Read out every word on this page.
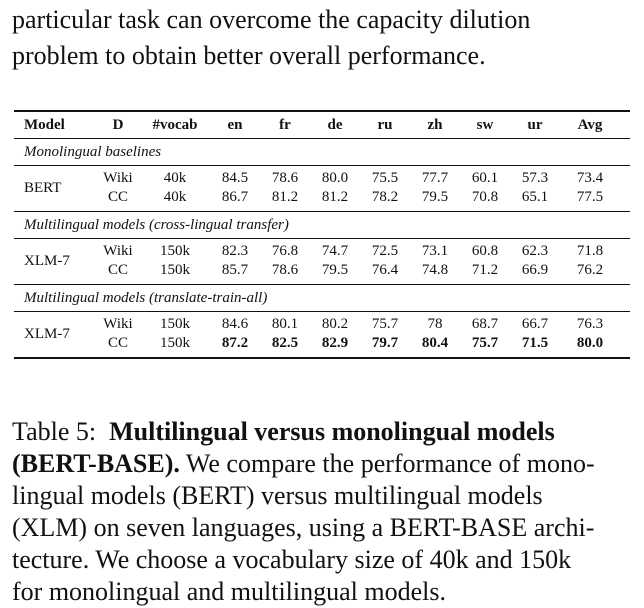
particular task can overcome the capacity dilution
problem to obtain better overall performance.
Model	D	#vocab	en	fr	de	ru	zh	sw	ur	Avg
Monolingual baselines
BERT
Wiki	40k	84.5	78.6	80.0	75.5	77.7	60.1	57.3	73.4
CC	40k	86.7	81.2	81.2	78.2	79.5	70.8	65.1	77.5
Multilingual models (cross-lingual transfer)
XLM-7
Wiki	150k	82.3	76.8	74.7	72.5	73.1	60.8	62.3	71.8
CC	150k	85.7	78.6	79.5	76.4	74.8	71.2	66.9	76.2
Multilingual models (translate-train-all)
XLM-7
Wiki	150k	84.6	80.1	80.2	75.7	78	68.7	66.7	76.3
CC	150k	87.2	82.5	82.9	79.7	80.4	75.7	71.5	80.0
Table 5: Multilingual versus monolingual models
(BERT-BASE). We compare the performance of mono-
lingual models (BERT) versus multilingual models
(XLM) on seven languages, using a BERT-BASE archi-
tecture. We choose a vocabulary size of 40k and 150k
for monolingual and multilingual models.
